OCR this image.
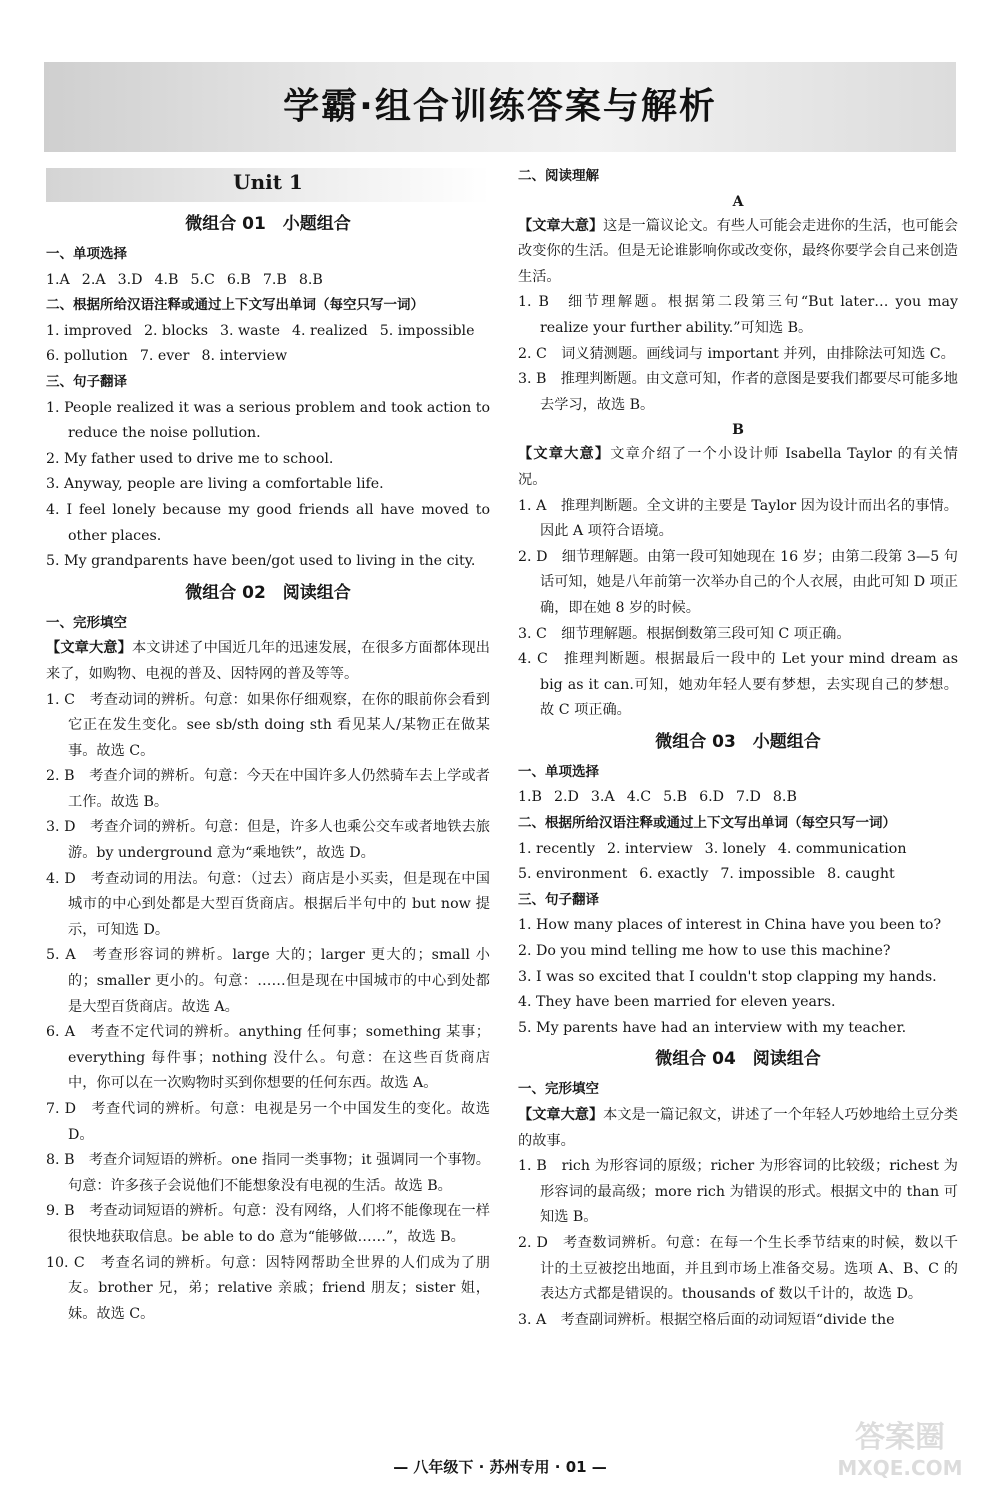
学霸·组合训练答案与解析
Unit 1
微组合 01　小题组合
一、单项选择
1.A 2.A 3.D 4.B 5.C 6.B 7.B 8.B
二、根据所给汉语注释或通过上下文写出单词（每空只写一词）
1. improved 2. blocks 3. waste 4. realized 5. impossible
6. pollution 7. ever 8. interview
三、句子翻译
1. People realized it was a serious problem and took action to reduce the noise pollution.
2. My father used to drive me to school.
3. Anyway, people are living a comfortable life.
4. I feel lonely because my good friends all have moved to other places.
5. My grandparents have been/got used to living in the city.
微组合 02　阅读组合
一、完形填空
【文章大意】本文讲述了中国近几年的迅速发展，在很多方面都体现出来了，如购物、电视的普及、因特网的普及等等。
1. C　考查动词的辨析。句意：如果你仔细观察，在你的眼前你会看到它正在发生变化。see sb/sth doing sth 看见某人/某物正在做某事。故选 C。
2. B　考查介词的辨析。句意：今天在中国许多人仍然骑车去上学或者工作。故选 B。
3. D　考查介词的辨析。句意：但是，许多人也乘公交车或者地铁去旅游。by underground 意为“乘地铁”，故选 D。
4. D　考查动词的用法。句意：（过去）商店是小买卖，但是现在中国城市的中心到处都是大型百货商店。根据后半句中的 but now 提示，可知选 D。
5. A　考查形容词的辨析。large 大的；larger 更大的；small 小的；smaller 更小的。句意：……但是现在中国城市的中心到处都是大型百货商店。故选 A。
6. A　考查不定代词的辨析。anything 任何事；something 某事；everything 每件事；nothing 没什么。句意：在这些百货商店中，你可以在一次购物时买到你想要的任何东西。故选 A。
7. D　考查代词的辨析。句意：电视是另一个中国发生的变化。故选 D。
8. B　考查介词短语的辨析。one 指同一类事物；it 强调同一个事物。句意：许多孩子会说他们不能想象没有电视的生活。故选 B。
9. B　考查动词短语的辨析。句意：没有网络，人们将不能像现在一样很快地获取信息。be able to do 意为“能够做……”，故选 B。
10. C　考查名词的辨析。句意：因特网帮助全世界的人们成为了朋友。brother 兄，弟；relative 亲戚；friend 朋友；sister 姐，妹。故选 C。
二、阅读理解
A
【文章大意】这是一篇议论文。有些人可能会走进你的生活，也可能会改变你的生活。但是无论谁影响你或改变你，最终你要学会自己来创造生活。
1. B　细节理解题。根据第二段第三句“But later… you may realize your further ability.”可知选 B。
2. C　词义猜测题。画线词与 important 并列，由排除法可知选 C。
3. B　推理判断题。由文意可知，作者的意图是要我们都要尽可能多地去学习，故选 B。
B
【文章大意】文章介绍了一个小设计师 Isabella Taylor 的有关情况。
1. A　推理判断题。全文讲的主要是 Taylor 因为设计而出名的事情。因此 A 项符合语境。
2. D　细节理解题。由第一段可知她现在 16 岁；由第二段第 3—5 句话可知，她是八年前第一次举办自己的个人衣展，由此可知 D 项正确，即在她 8 岁的时候。
3. C　细节理解题。根据倒数第三段可知 C 项正确。
4. C　推理判断题。根据最后一段中的 Let your mind dream as big as it can.可知，她劝年轻人要有梦想，去实现自己的梦想。故 C 项正确。
微组合 03　小题组合
一、单项选择
1.B 2.D 3.A 4.C 5.B 6.D 7.D 8.B
二、根据所给汉语注释或通过上下文写出单词（每空只写一词）
1. recently 2. interview 3. lonely 4. communication
5. environment 6. exactly 7. impossible 8. caught
三、句子翻译
1. How many places of interest in China have you been to?
2. Do you mind telling me how to use this machine?
3. I was so excited that I couldn't stop clapping my hands.
4. They have been married for eleven years.
5. My parents have had an interview with my teacher.
微组合 04　阅读组合
一、完形填空
【文章大意】本文是一篇记叙文，讲述了一个年轻人巧妙地给土豆分类的故事。
1. B　rich 为形容词的原级；richer 为形容词的比较级；richest 为形容词的最高级；more rich 为错误的形式。根据文中的 than 可知选 B。
2. D　考查数词辨析。句意：在每一个生长季节结束的时候，数以千计的土豆被挖出地面，并且到市场上准备交易。选项 A、B、C 的表达方式都是错误的。thousands of 数以千计的，故选 D。
3. A　考查副词辨析。根据空格后面的动词短语“divide the
— 八年级下 · 苏州专用 · 01 —
答案圈
MXQE.COM
